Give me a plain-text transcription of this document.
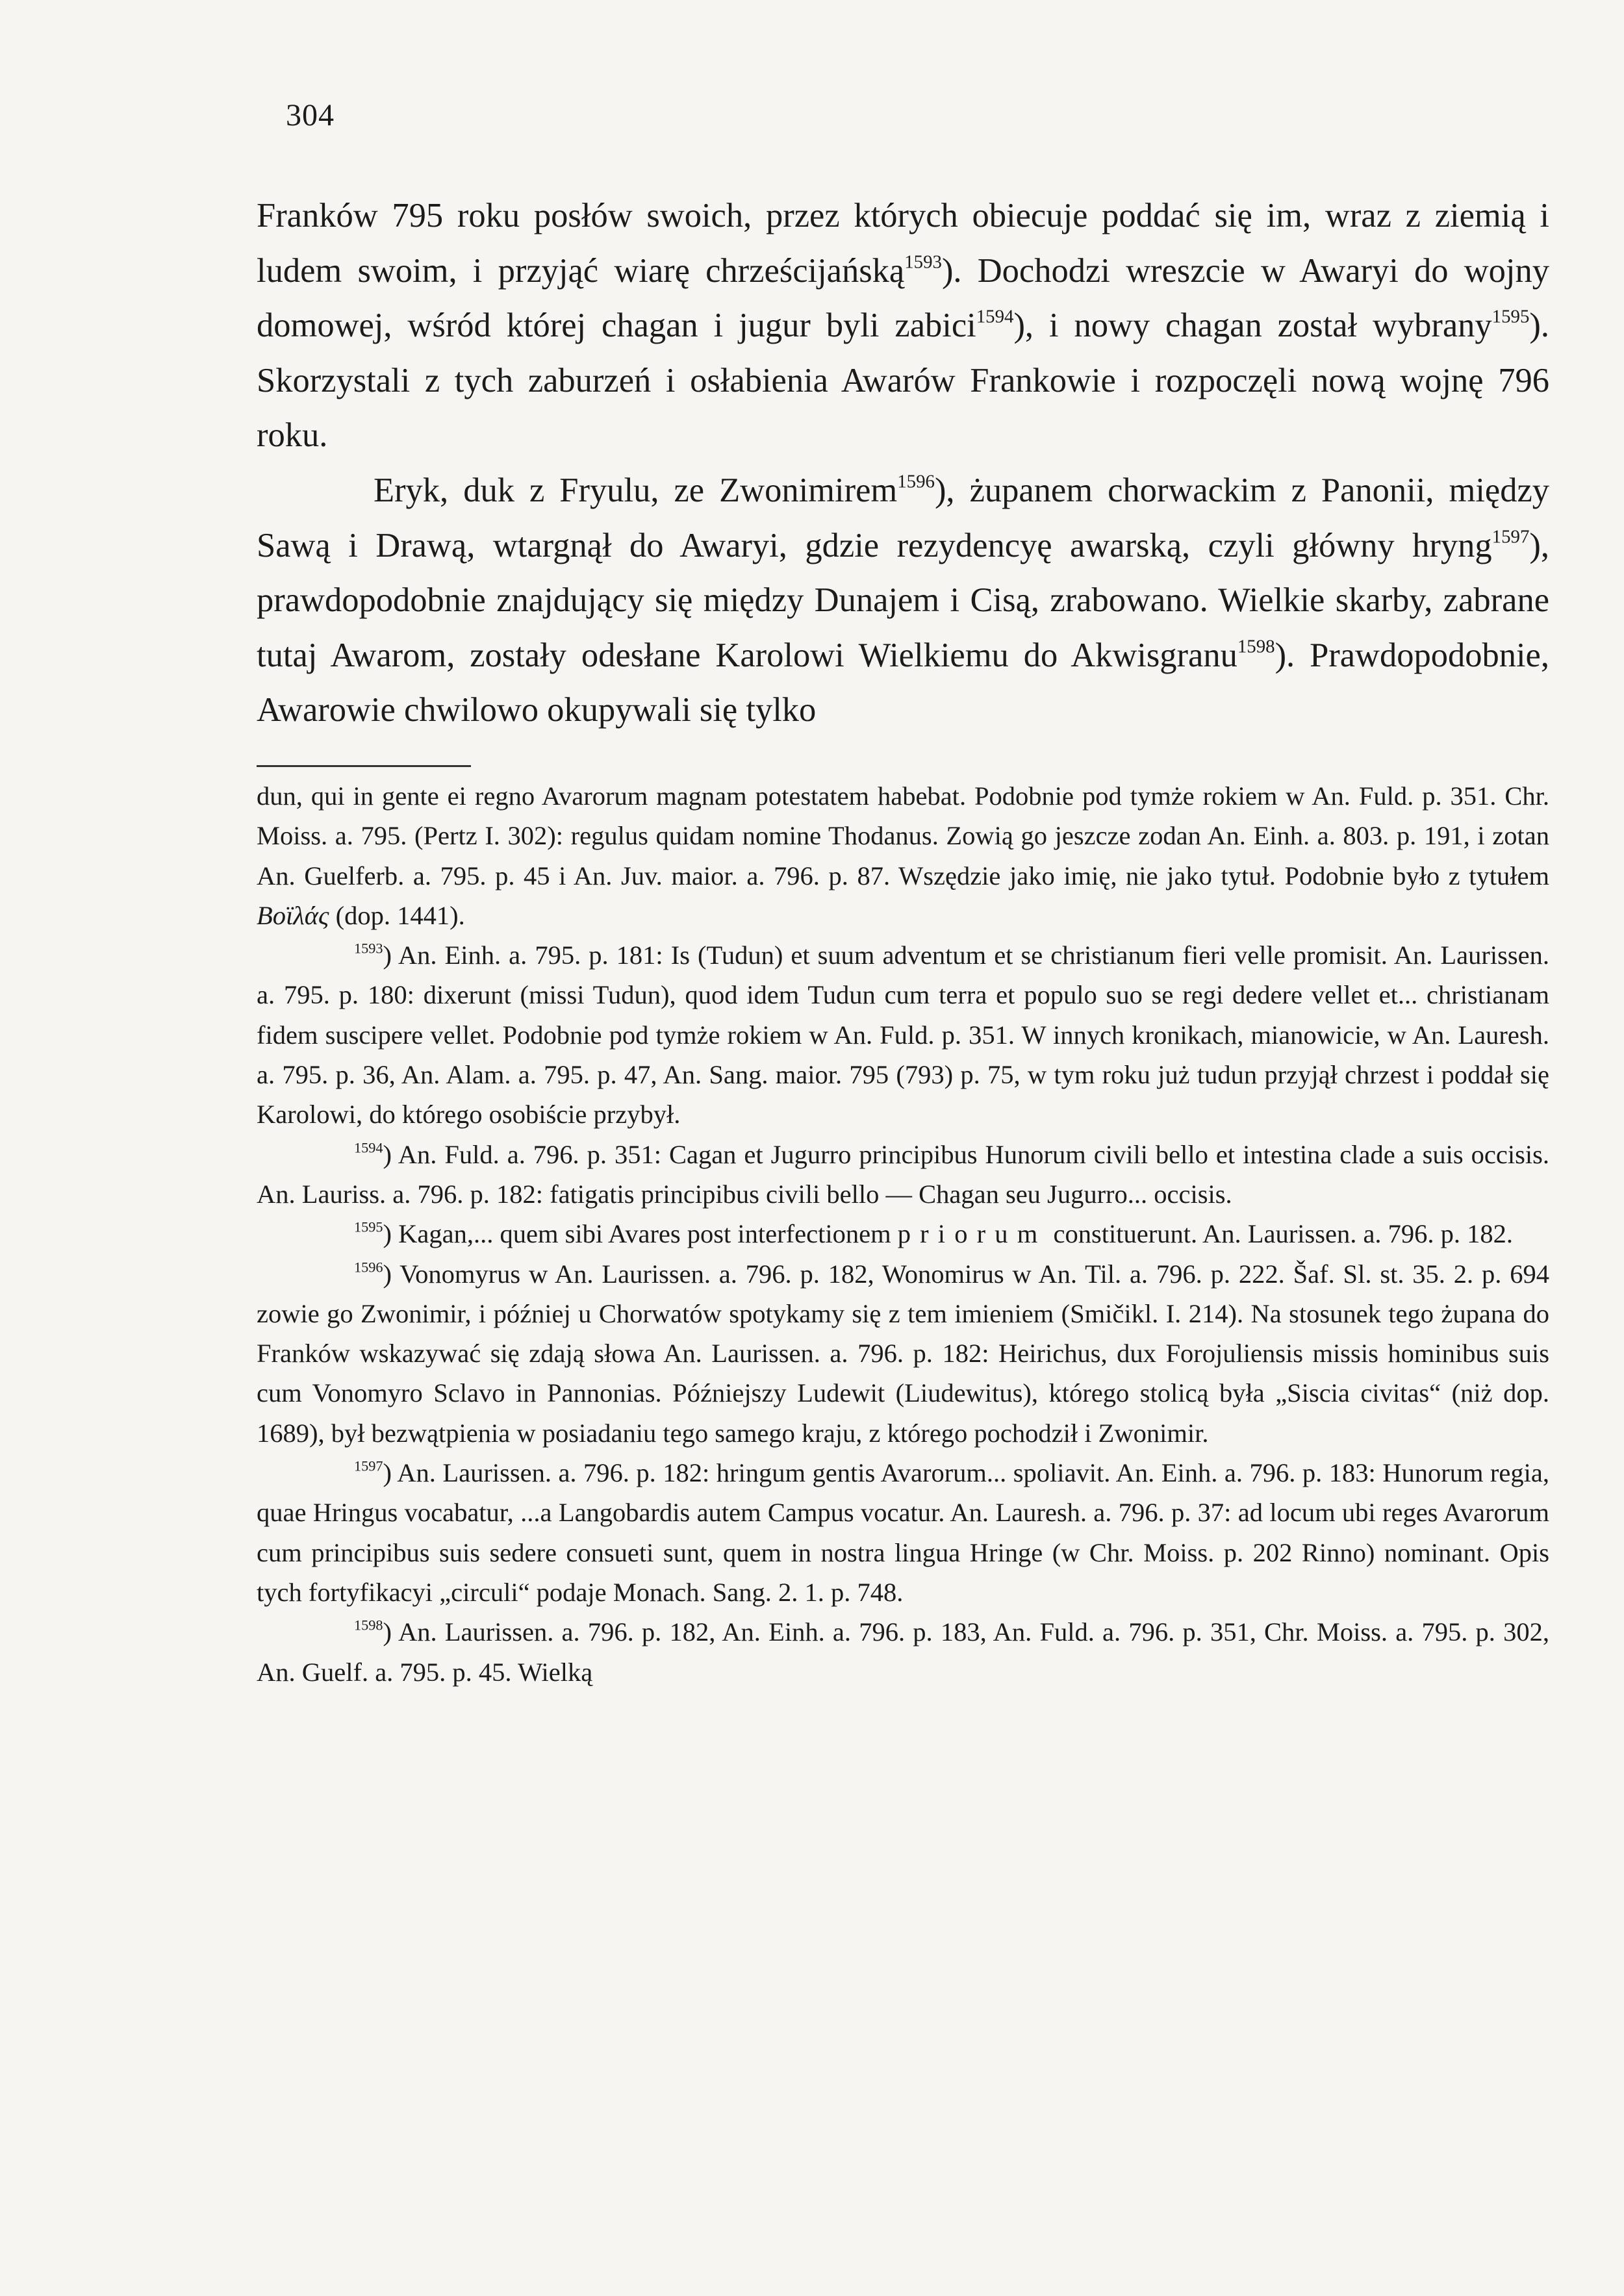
304

Franków 795 roku posłów swoich, przez których obiecuje poddać się im, wraz z ziemią i ludem swoim, i przyjąć wiarę chrześcijańską$^{1593}$). Dochodzi wreszcie w Awaryi do wojny domowej, wśród której chagan i jugur byli zabici$^{1594}$), i nowy chagan został wybrany$^{1595}$). Skorzystali z tych zaburzeń i osłabienia Awarów Frankowie i rozpoczęli nową wojnę 796 roku.

Eryk, duk z Fryulu, ze Zwonimirem$^{1596}$), żupanem chorwackim z Panonii, między Sawą i Drawą, wtargnął do Awaryi, gdzie rezydencyę awarską, czyli główny hryng$^{1597}$), prawdopodobnie znajdujący się między Dunajem i Cisą, zrabowano. Wielkie skarby, zabrane tutaj Awarom, zostały odesłane Karolowi Wielkiemu do Akwisgranu$^{1598}$). Prawdopodobnie, Awarowie chwilowo okupywali się tylko

dun, qui in gente ei regno Avarorum magnam potestatem habebat. Podobnie pod tymże rokiem w An. Fuld. p. 351. Chr. Moiss. a. 795. (Pertz I. 302): regulus quidam nomine Thodanus. Zowią go jeszcze zodan An. Einh. a. 803. p. 191, i zotan An. Guelferb. a. 795. p. 45 i An. Juv. maior. a. 796. p. 87. Wszędzie jako imię, nie jako tytuł. Podobnie było z tytułem Βοϊλάς (dop. 1441).

$^{1593}$) An. Einh. a. 795. p. 181: Is (Tudun) et suum adventum et se christianum fieri velle promisit. An. Laurissen. a. 795. p. 180: dixerunt (missi Tudun), quod idem Tudun cum terra et populo suo se regi dedere vellet et... christianam fidem suscipere vellet. Podobnie pod tymże rokiem w An. Fuld. p. 351. W innych kronikach, mianowicie, w An. Lauresh. a. 795. p. 36, An. Alam. a. 795. p. 47, An. Sang. maior. 795 (793) p. 75, w tym roku już tudun przyjął chrzest i poddał się Karolowi, do którego osobiście przybył.

$^{1594}$) An. Fuld. a. 796. p. 351: Cagan et Jugurro principibus Hunorum civili bello et intestina clade a suis occisis. An. Lauriss. a. 796. p. 182: fatigatis principibus civili bello — Chagan seu Jugurro... occisis.

$^{1595}$) Kagan,... quem sibi Avares post interfectionem priorum constituerunt. An. Laurissen. a. 796. p. 182.

$^{1596}$) Vonomyrus w An. Laurissen. a. 796. p. 182, Wonomirus w An. Til. a. 796. p. 222. Šaf. Sl. st. 35. 2. p. 694 zowie go Zwonimir, i później u Chorwatów spotykamy się z tem imieniem (Smičikl. I. 214). Na stosunek tego żupana do Franków wskazywać się zdają słowa An. Laurissen. a. 796. p. 182: Heirichus, dux Forojuliensis missis hominibus suis cum Vonomyro Sclavo in Pannonias. Późniejszy Ludewit (Liudewitus), którego stolicą była „Siscia civitas“ (niż dop. 1689), był bezwątpienia w posiadaniu tego samego kraju, z którego pochodził i Zwonimir.

$^{1597}$) An. Laurissen. a. 796. p. 182: hringum gentis Avarorum... spoliavit. An. Einh. a. 796. p. 183: Hunorum regia, quae Hringus vocabatur, ...a Langobardis autem Campus vocatur. An. Lauresh. a. 796. p. 37: ad locum ubi reges Avarorum cum principibus suis sedere consueti sunt, quem in nostra lingua Hringe (w Chr. Moiss. p. 202 Rinno) nominant. Opis tych fortyfikacyi „circuli“ podaje Monach. Sang. 2. 1. p. 748.

$^{1598}$) An. Laurissen. a. 796. p. 182, An. Einh. a. 796. p. 183, An. Fuld. a. 796. p. 351, Chr. Moiss. a. 795. p. 302, An. Guelf. a. 795. p. 45. Wielką
